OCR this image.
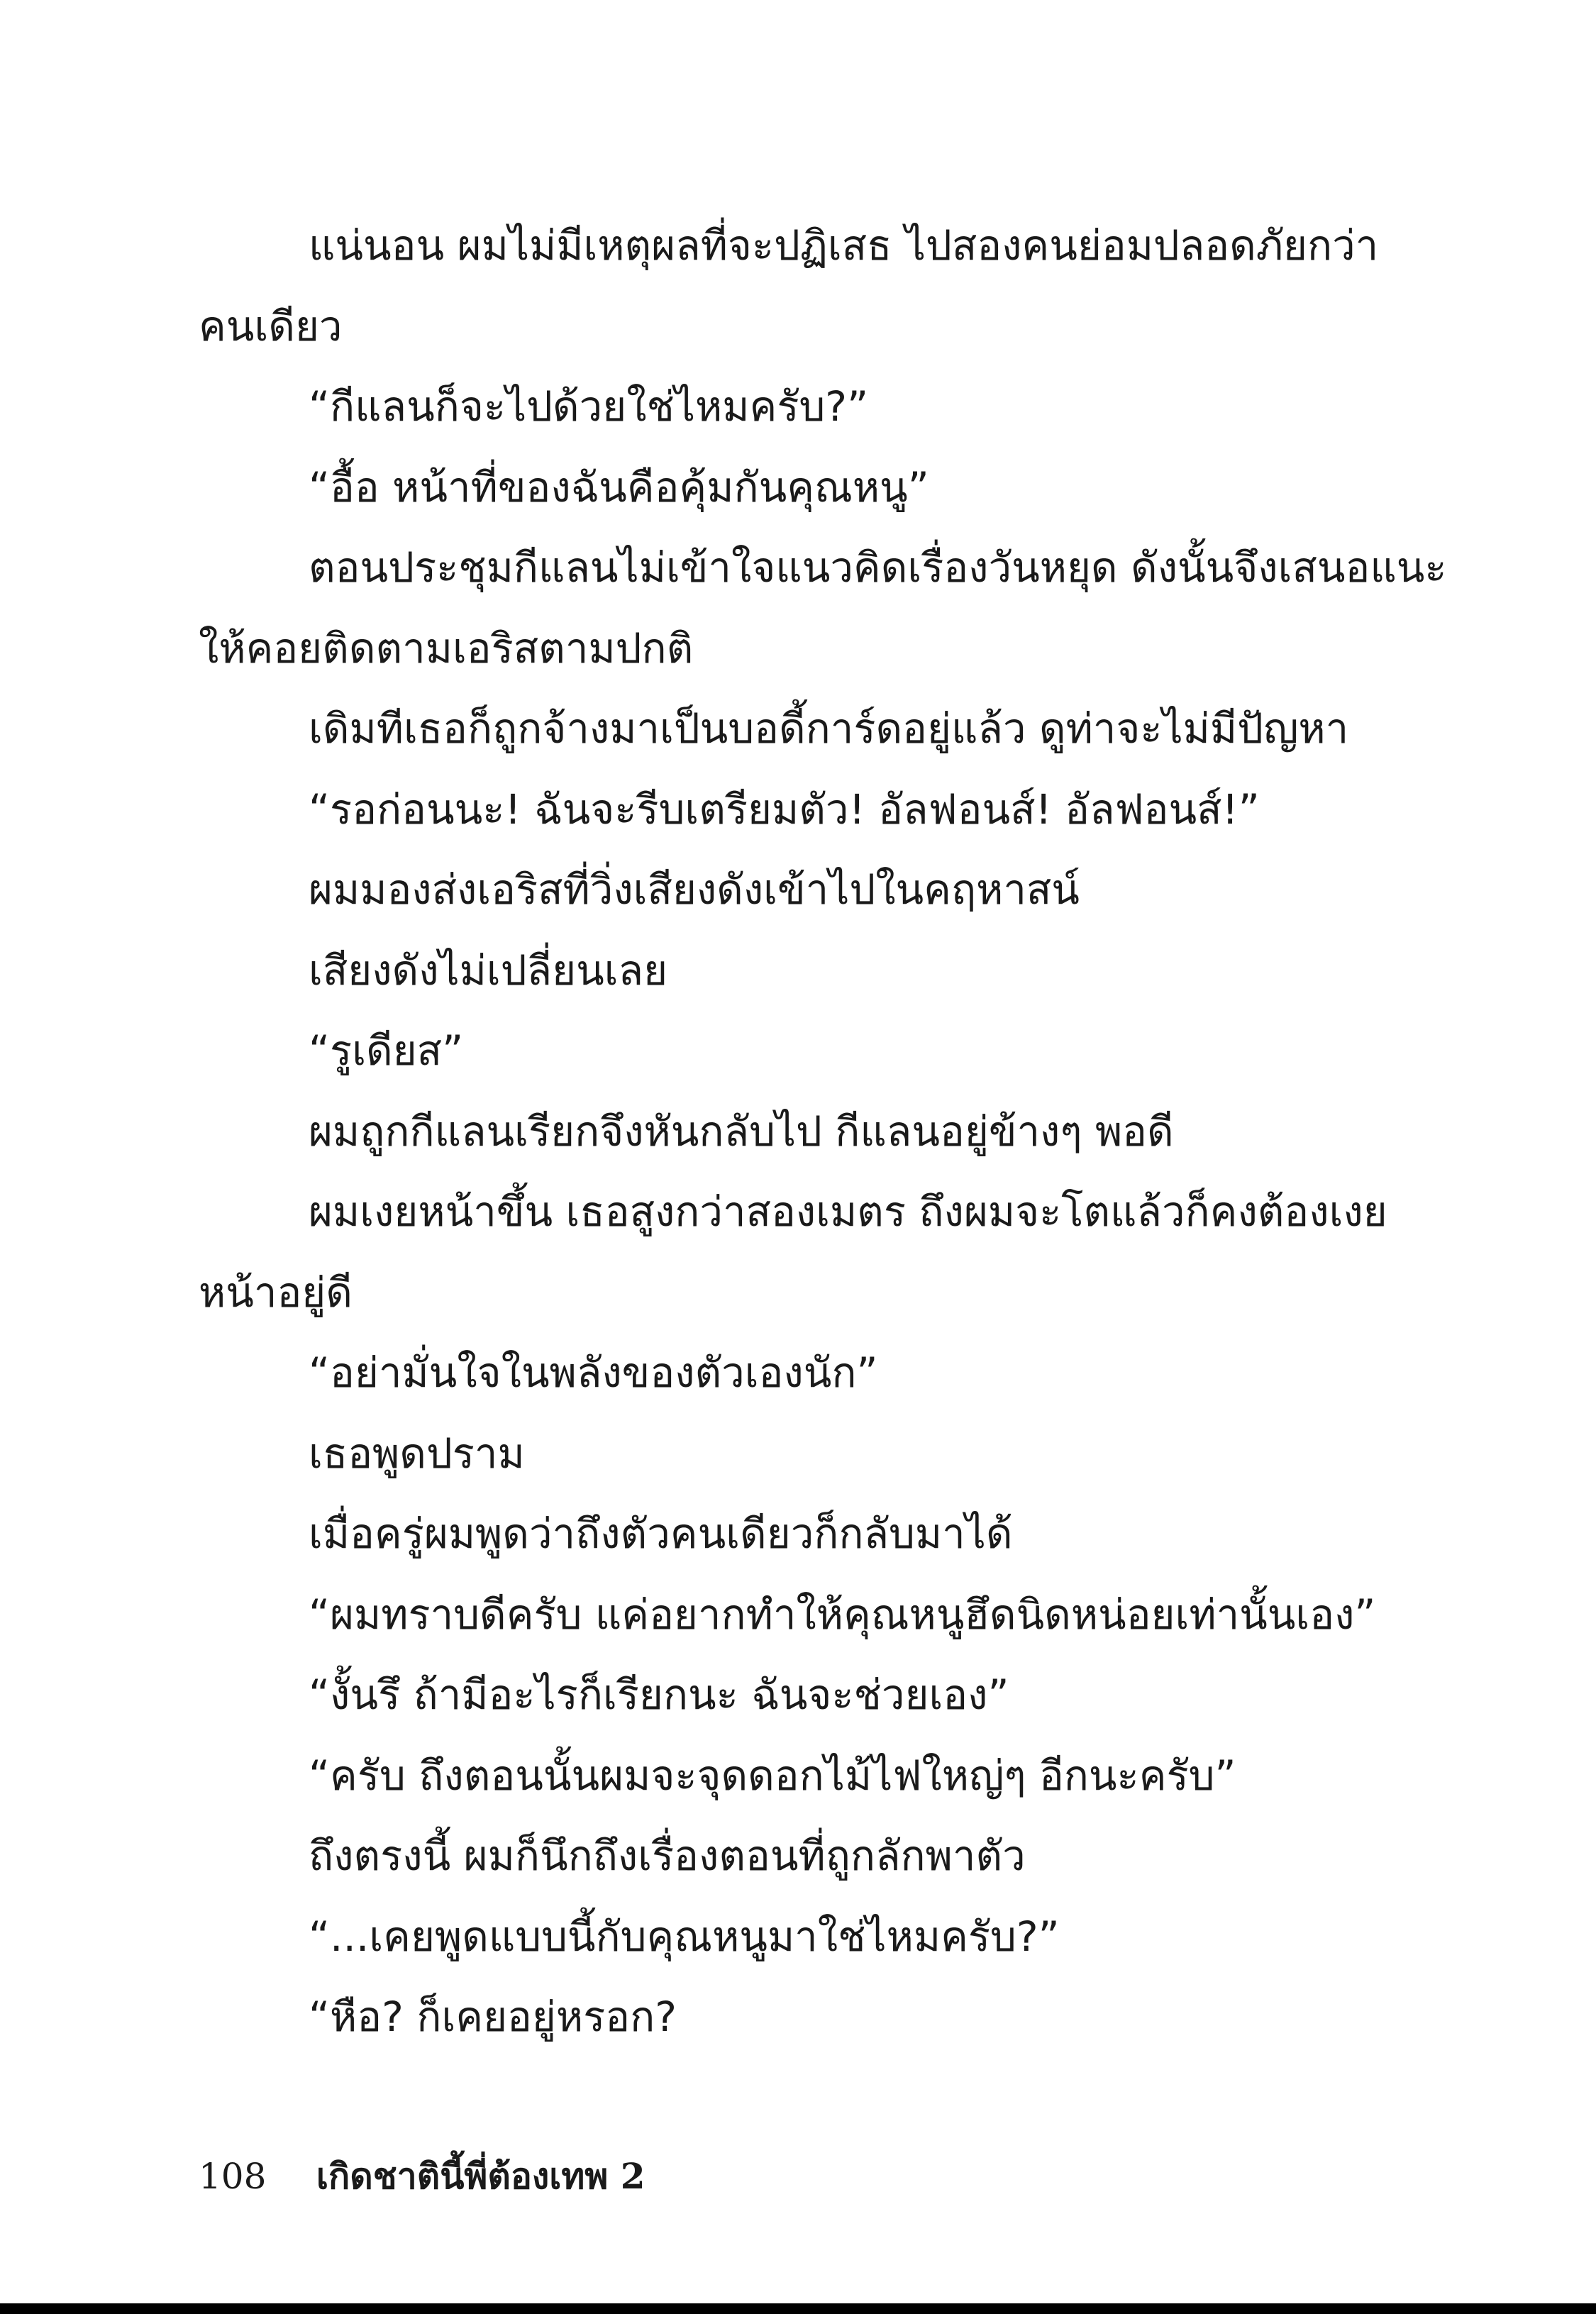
แน่นอน ผมไม่มีเหตุผลที่จะปฏิเสธ ไปสองคนย่อมปลอดภัยกว่า
คนเดียว
“กีแลนก็จะไปด้วยใช่ไหมครับ?”
“อื้อ หน้าที่ของฉันคือคุ้มกันคุณหนู”
ตอนประชุมกีแลนไม่เข้าใจแนวคิดเรื่องวันหยุด ดังนั้นจึงเสนอแนะ
ให้คอยติดตามเอริสตามปกติ
เดิมทีเธอก็ถูกจ้างมาเป็นบอดี้การ์ดอยู่แล้ว ดูท่าจะไม่มีปัญหา
“รอก่อนนะ! ฉันจะรีบเตรียมตัว! อัลฟอนส์! อัลฟอนส์!”
ผมมองส่งเอริสที่วิ่งเสียงดังเข้าไปในคฤหาสน์
เสียงดังไม่เปลี่ยนเลย
“รูเดียส”
ผมถูกกีแลนเรียกจึงหันกลับไป กีแลนอยู่ข้างๆ พอดี
ผมเงยหน้าขึ้น เธอสูงกว่าสองเมตร ถึงผมจะโตแล้วก็คงต้องเงย
หน้าอยู่ดี
“อย่ามั่นใจในพลังของตัวเองนัก”
เธอพูดปราม
เมื่อครู่ผมพูดว่าถึงตัวคนเดียวก็กลับมาได้
“ผมทราบดีครับ แค่อยากทำให้คุณหนูฮึดนิดหน่อยเท่านั้นเอง”
“งั้นรึ ถ้ามีอะไรก็เรียกนะ ฉันจะช่วยเอง”
“ครับ ถึงตอนนั้นผมจะจุดดอกไม้ไฟใหญ่ๆ อีกนะครับ”
ถึงตรงนี้ ผมก็นึกถึงเรื่องตอนที่ถูกลักพาตัว
“...เคยพูดแบบนี้กับคุณหนูมาใช่ไหมครับ?”
“หือ? ก็เคยอยู่หรอก?
108 เกิดชาตินี้พี่ต้องเทพ 2
